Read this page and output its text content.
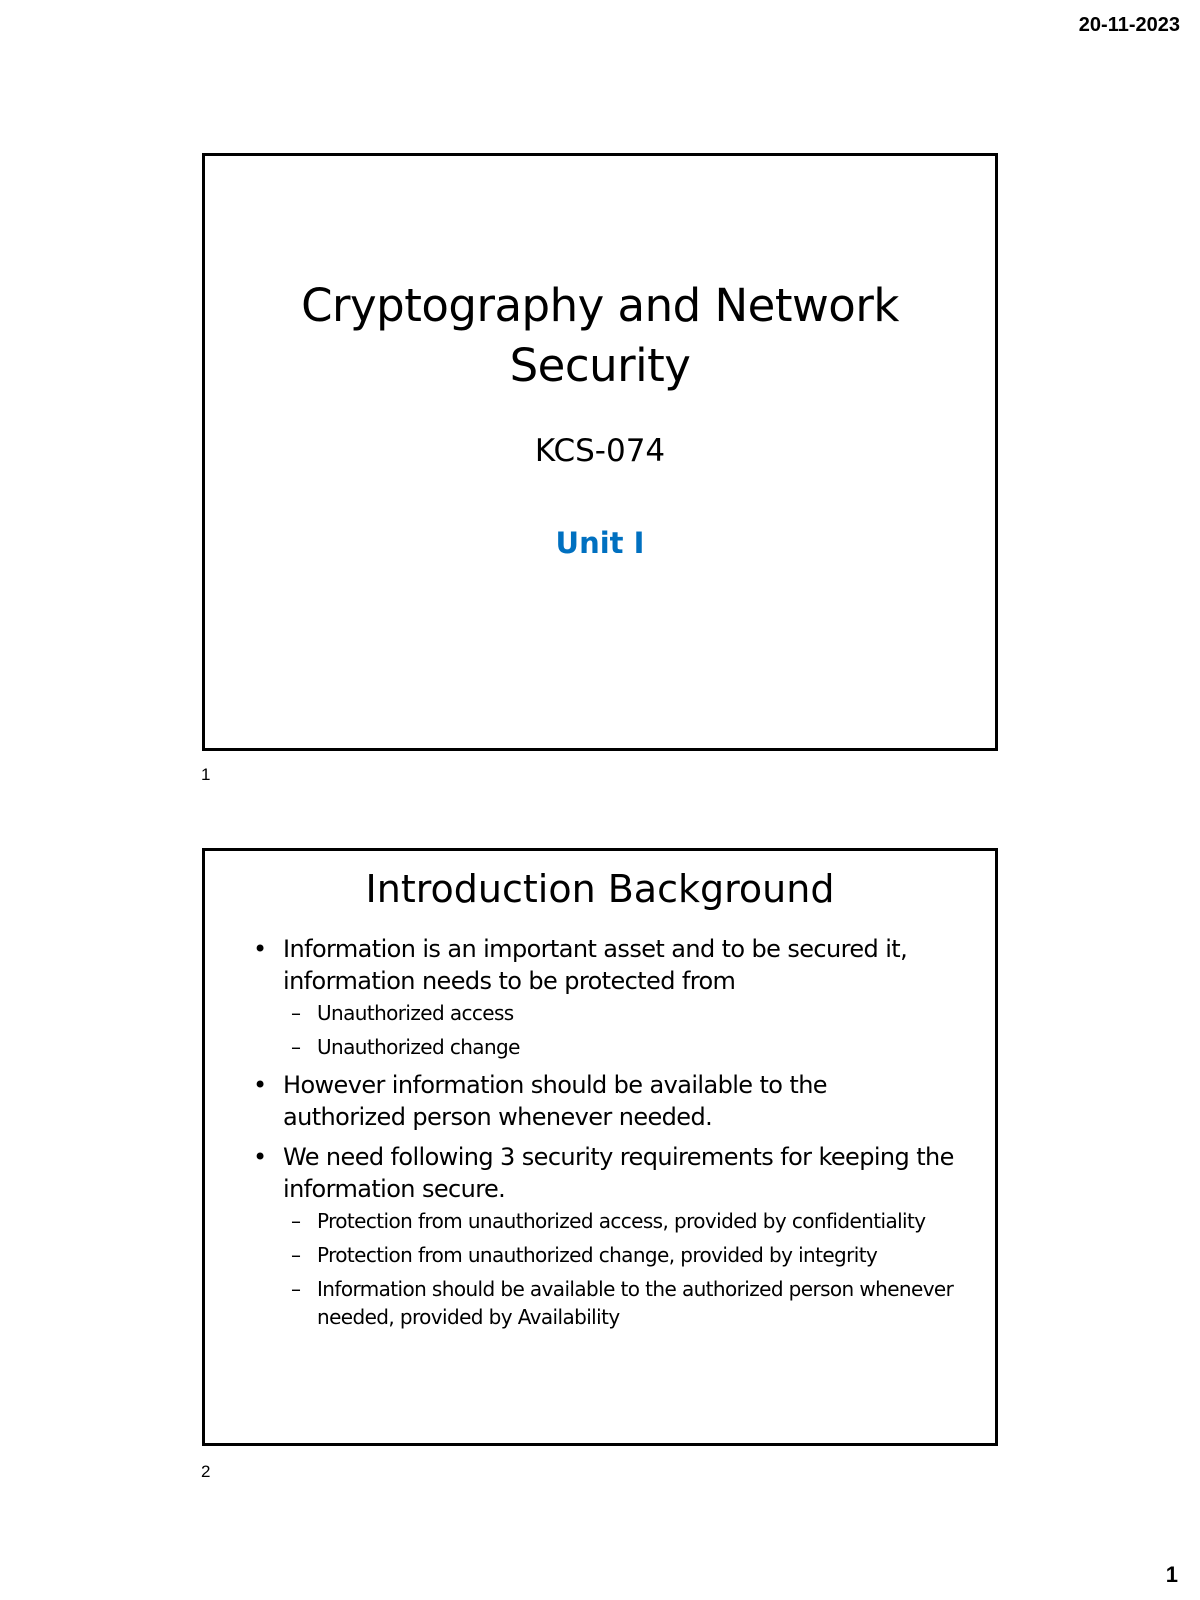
20-11-2023
Cryptography and Network Security
KCS-074
Unit I
1
Introduction Background
• Information is an important asset and to be secured it, information needs to be protected from
– Unauthorized access
– Unauthorized change
• However information should be available to the authorized person whenever needed.
• We need following 3 security requirements for keeping the information secure.
– Protection from unauthorized access, provided by confidentiality
– Protection from unauthorized change, provided by integrity
– Information should be available to the authorized person whenever needed, provided by Availability
2
1
